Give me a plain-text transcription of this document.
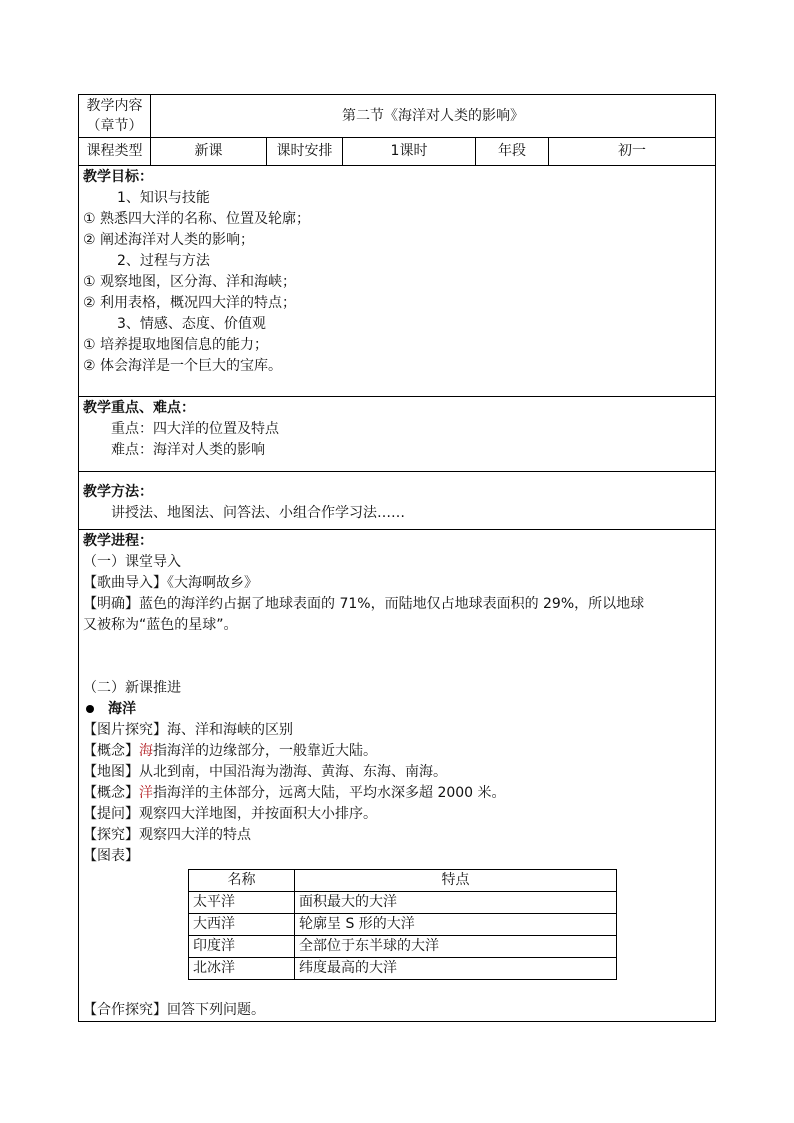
教学内容
（章节）	第二节《海洋对人类的影响》
课程类型	新课	课时安排	1课时	年段	初一

教学目标：
1、知识与技能
① 熟悉四大洋的名称、位置及轮廓；
② 阐述海洋对人类的影响；
2、过程与方法
① 观察地图，区分海、洋和海峡；
② 利用表格，概况四大洋的特点；
3、情感、态度、价值观
① 培养提取地图信息的能力；
② 体会海洋是一个巨大的宝库。

教学重点、难点：
重点：四大洋的位置及特点
难点：海洋对人类的影响

教学方法：
讲授法、地图法、问答法、小组合作学习法……

教学进程：
（一）课堂导入
【歌曲导入】《大海啊故乡》
【明确】蓝色的海洋约占据了地球表面的 71%，而陆地仅占地球表面积的 29%，所以地球
又被称为“蓝色的星球”。
（二）新课推进
海洋
【图片探究】海、洋和海峡的区别
【概念】海指海洋的边缘部分，一般靠近大陆。
【地图】从北到南，中国沿海为渤海、黄海、东海、南海。
【概念】洋指海洋的主体部分，远离大陆，平均水深多超 2000 米。
【提问】观察四大洋地图，并按面积大小排序。
【探究】观察四大洋的特点
【图表】
名称	特点
太平洋	面积最大的大洋
大西洋	轮廓呈 S 形的大洋
印度洋	全部位于东半球的大洋
北冰洋	纬度最高的大洋
【合作探究】回答下列问题。
